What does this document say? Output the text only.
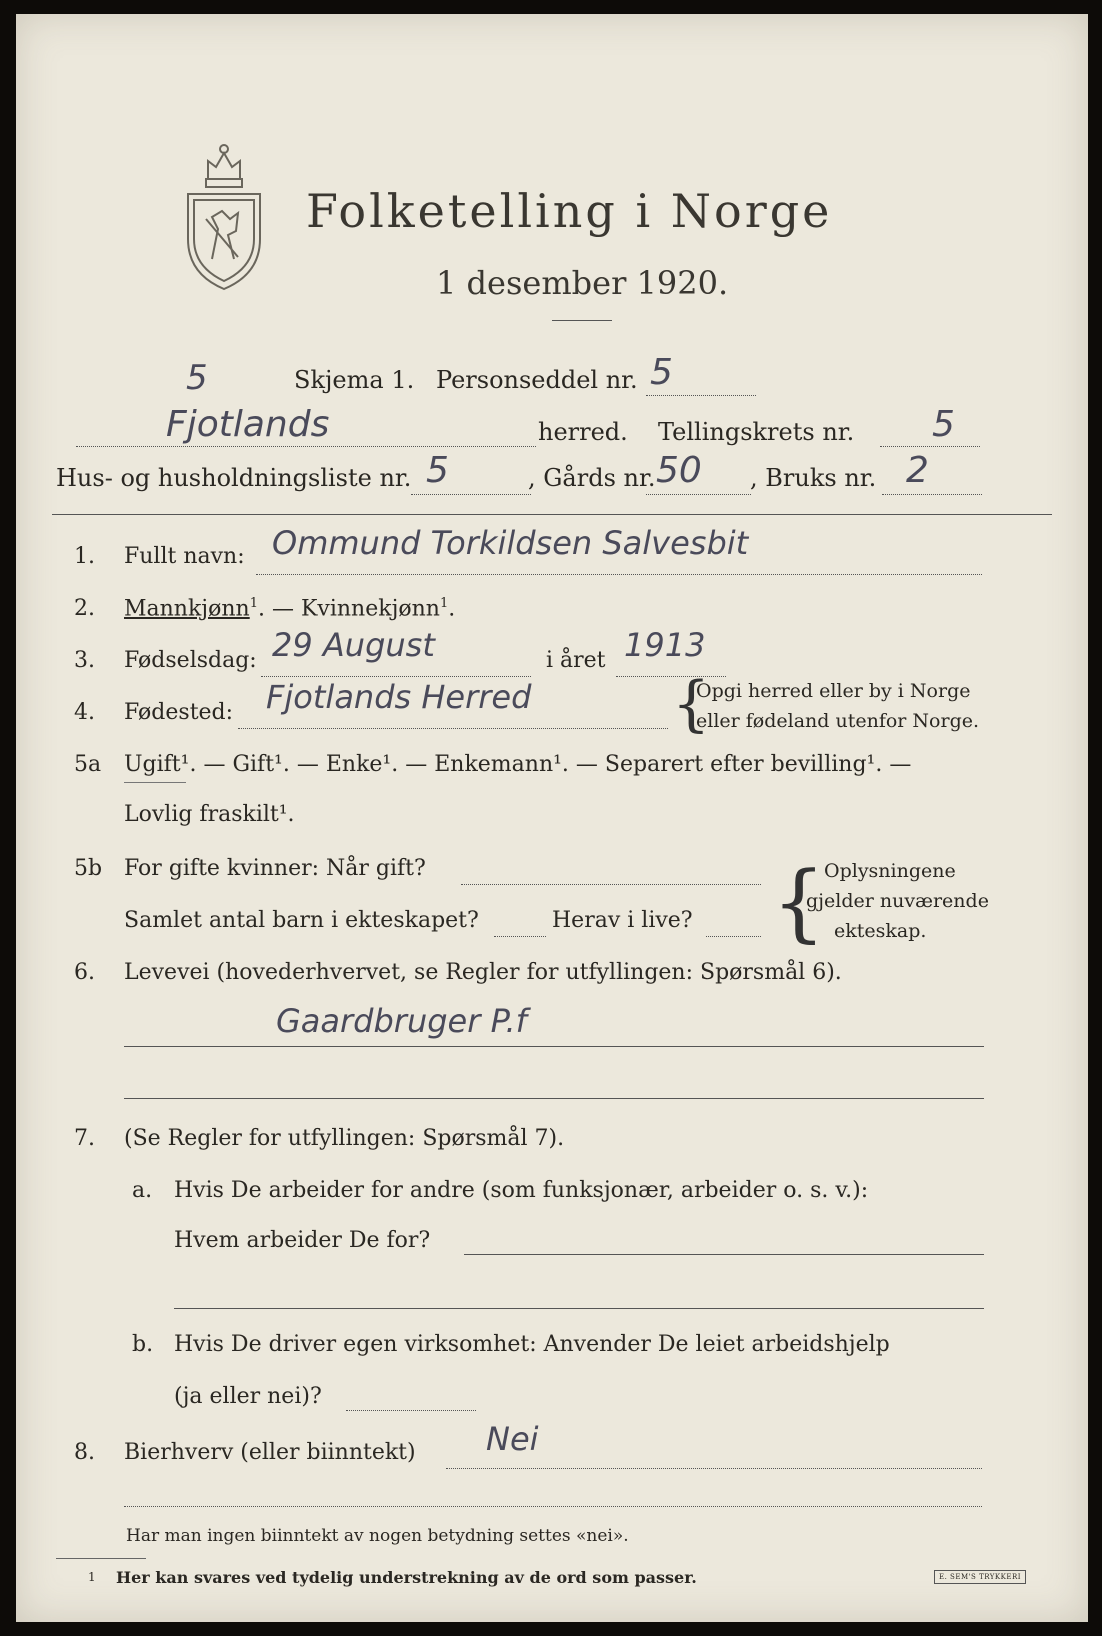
Folketelling i Norge
1 desember 1920.
5	Skjema 1. Personseddel nr. 5
Fjotlands	herred. Tellingskrets nr. 5
Hus- og husholdningsliste nr. 5	, Gårds nr. 50 , Bruks nr. 2
1. Fullt navn: Ommund Torkildsen Salvesbit
2. Mannkjønn$^1$. — Kvinnekjønn$^1$.
3. Fødselsdag: 29 August	i året 1913
4. Fødested: Fjotlands Herred {
Opgi herred eller by i Norge
eller fødeland utenfor Norge.
5a Ugift¹. — Gift¹. — Enke¹. — Enkemann¹. — Separert efter bevilling¹. —
Lovlig fraskilt¹.
5b For gifte kvinner: Når gift?
Samlet antal barn i ekteskapet?	Herav i live? {
Oplysningene
gjelder nuværende
ekteskap.
6. Levevei (hovederhvervet, se Regler for utfyllingen: Spørsmål 6).
Gaardbruger P.f
7. (Se Regler for utfyllingen: Spørsmål 7).
a. Hvis De arbeider for andre (som funksjonær, arbeider o. s. v.):
Hvem arbeider De for?
b. Hvis De driver egen virksomhet: Anvender De leiet arbeidshjelp
(ja eller nei)?
8. Bierhverv (eller biinntekt) Nei
Har man ingen biinntekt av nogen betydning settes «nei».
1 Her kan svares ved tydelig understrekning av de ord som passer.	E. SEM'S TRYKKERI
